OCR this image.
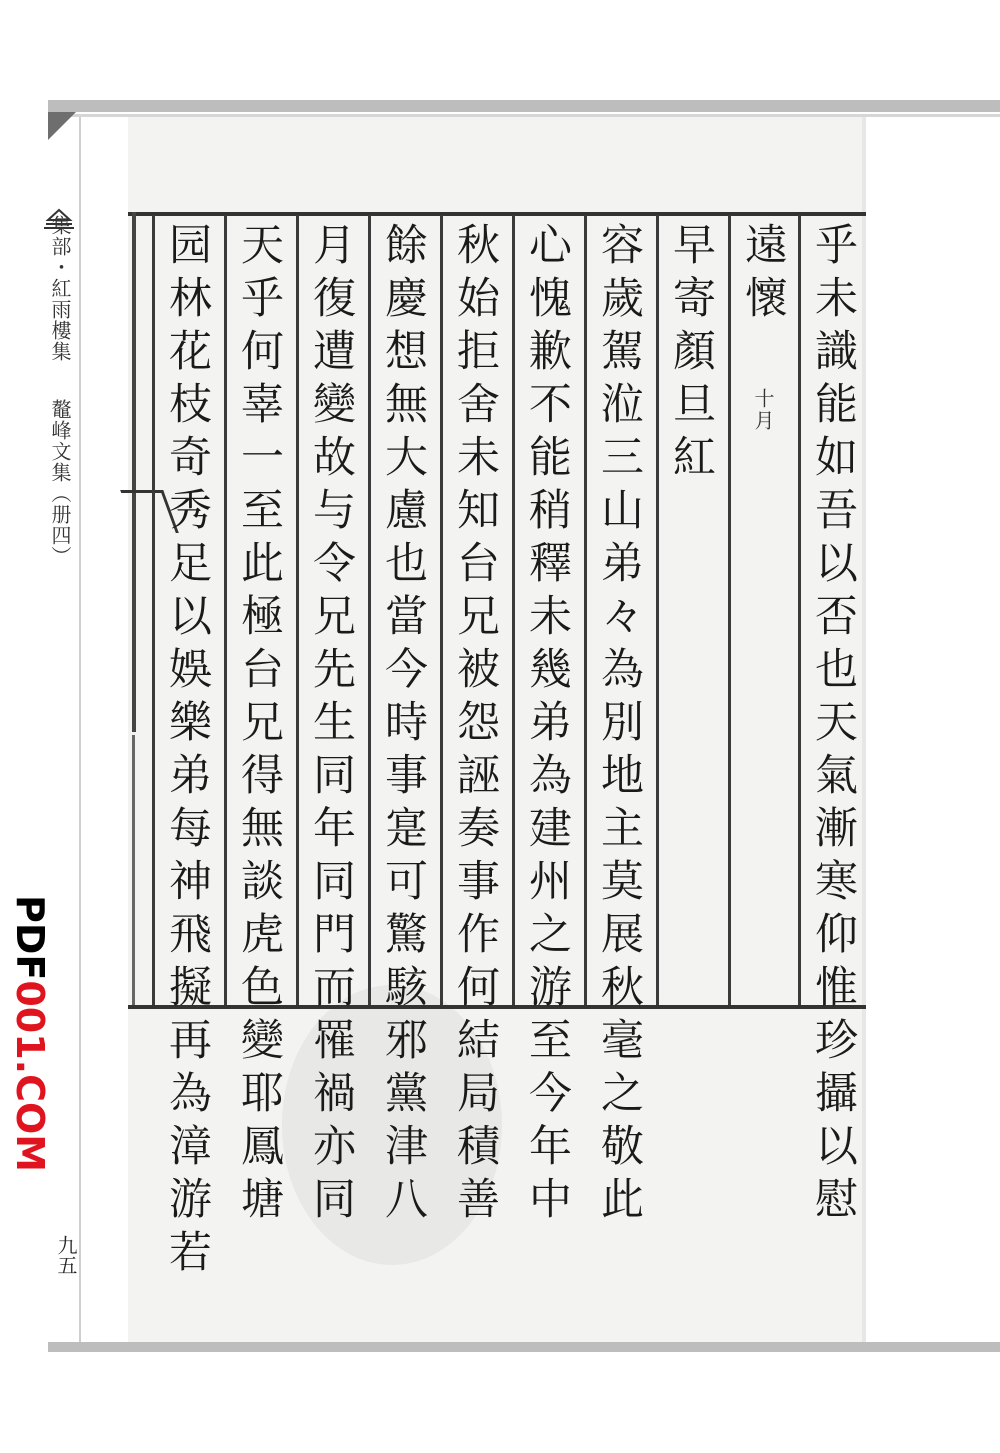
集部・紅雨樓集  鼇峰文集（册四）
九五
PDF001.COM
乎未識能如吾以否也天氣漸寒仰惟珍攝以慰
遠懷 十月
早寄顏旦紅
容歲駕涖三山弟々為別地主莫展秋毫之敬此
心愧歉不能稍釋未幾弟為建州之游至今年中
秋始拒舍未知台兄被怨誣奏事作何結局積善
餘慶想無大慮也當今時事寔可驚駭邪黨津八
月復遭變故与令兄先生同年同門而罹禍亦同
天乎何辜一至此極台兄得無談虎色變耶鳳塘
园林花枝奇秀足以娛樂弟每神飛擬再為漳游若
